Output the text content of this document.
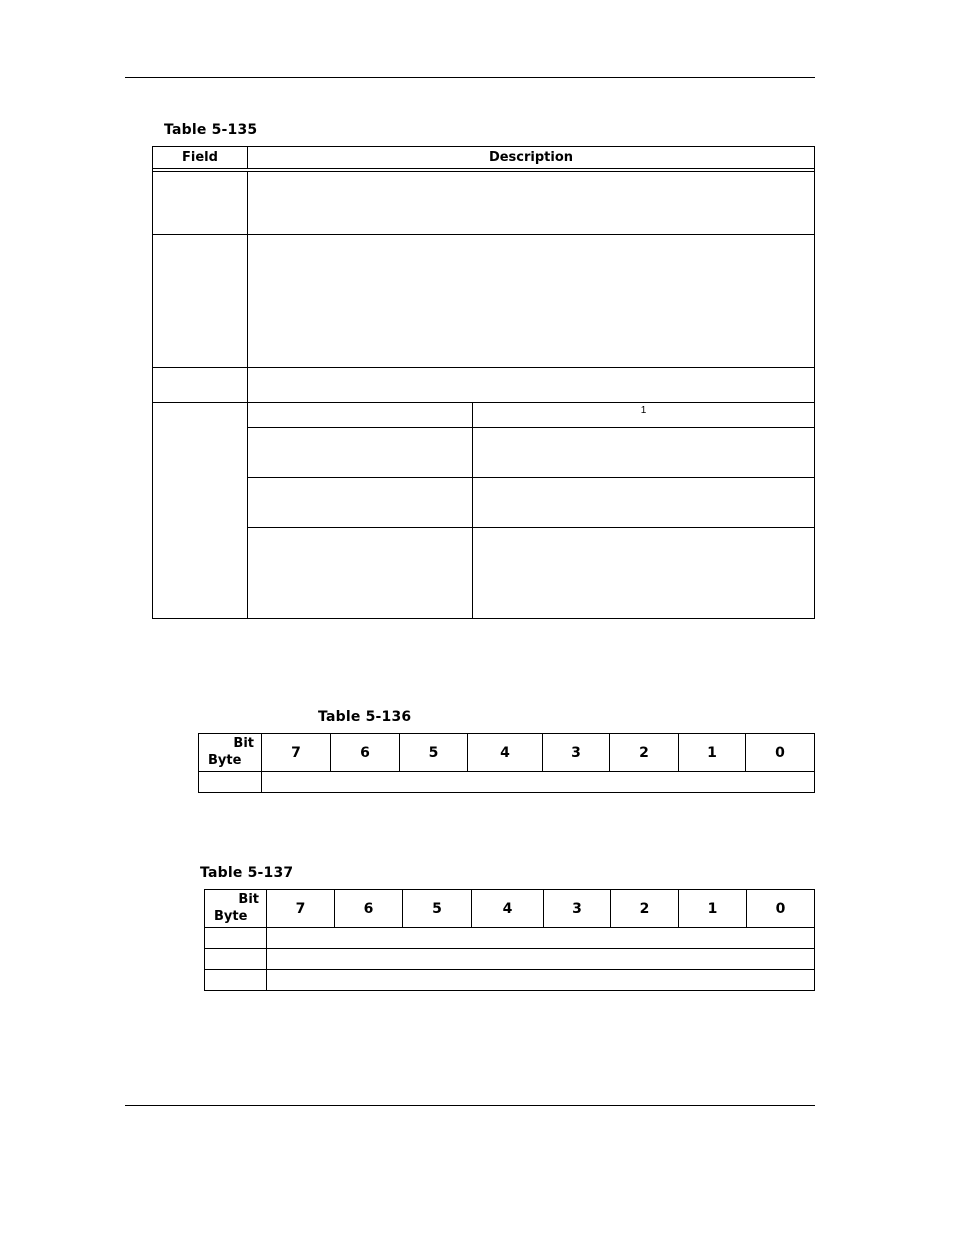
Table 5-135
Field	Description	

		1

Table 5-136
Bit
Byte	7	6	5	4	3	2	1	0

Table 5-137
Bit
Byte	7	6	5	4	3	2	1	0
